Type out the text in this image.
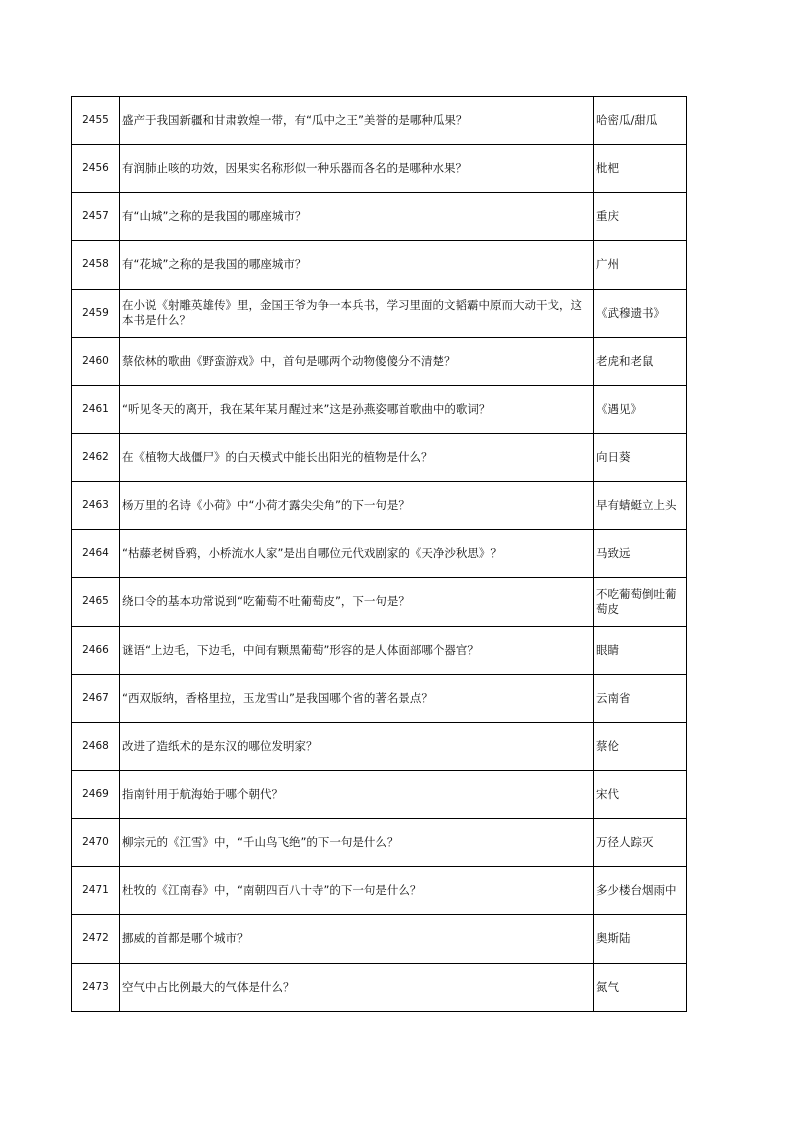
2455	盛产于我国新疆和甘肃敦煌一带，有“瓜中之王”美誉的是哪种瓜果？	哈密瓜/甜瓜
2456	有润肺止咳的功效，因果实名称形似一种乐器而各名的是哪种水果？	枇杷
2457	有“山城”之称的是我国的哪座城市？	重庆
2458	有“花城”之称的是我国的哪座城市？	广州
2459	在小说《射雕英雄传》里，金国王爷为争一本兵书，学习里面的文韬霸中原而大动干戈，这本书是什么？	《武穆遗书》
2460	蔡依林的歌曲《野蛮游戏》中，首句是哪两个动物傻傻分不清楚？	老虎和老鼠
2461	“听见冬天的离开，我在某年某月醒过来”这是孙燕姿哪首歌曲中的歌词？	《遇见》
2462	在《植物大战僵尸》的白天模式中能长出阳光的植物是什么？	向日葵
2463	杨万里的名诗《小荷》中“小荷才露尖尖角”的下一句是？	早有蜻蜓立上头
2464	“枯藤老树昏鸦，小桥流水人家”是出自哪位元代戏剧家的《天净沙秋思》？	马致远
2465	绕口令的基本功常说到“吃葡萄不吐葡萄皮”，下一句是？	不吃葡萄倒吐葡萄皮
2466	谜语“上边毛，下边毛，中间有颗黑葡萄”形容的是人体面部哪个器官？	眼睛
2467	“西双版纳，香格里拉，玉龙雪山”是我国哪个省的著名景点？	云南省
2468	改进了造纸术的是东汉的哪位发明家？	蔡伦
2469	指南针用于航海始于哪个朝代？	宋代
2470	柳宗元的《江雪》中，“千山鸟飞绝”的下一句是什么？	万径人踪灭
2471	杜牧的《江南春》中，“南朝四百八十寺”的下一句是什么？	多少楼台烟雨中
2472	挪威的首都是哪个城市？	奥斯陆
2473	空气中占比例最大的气体是什么？	氮气
